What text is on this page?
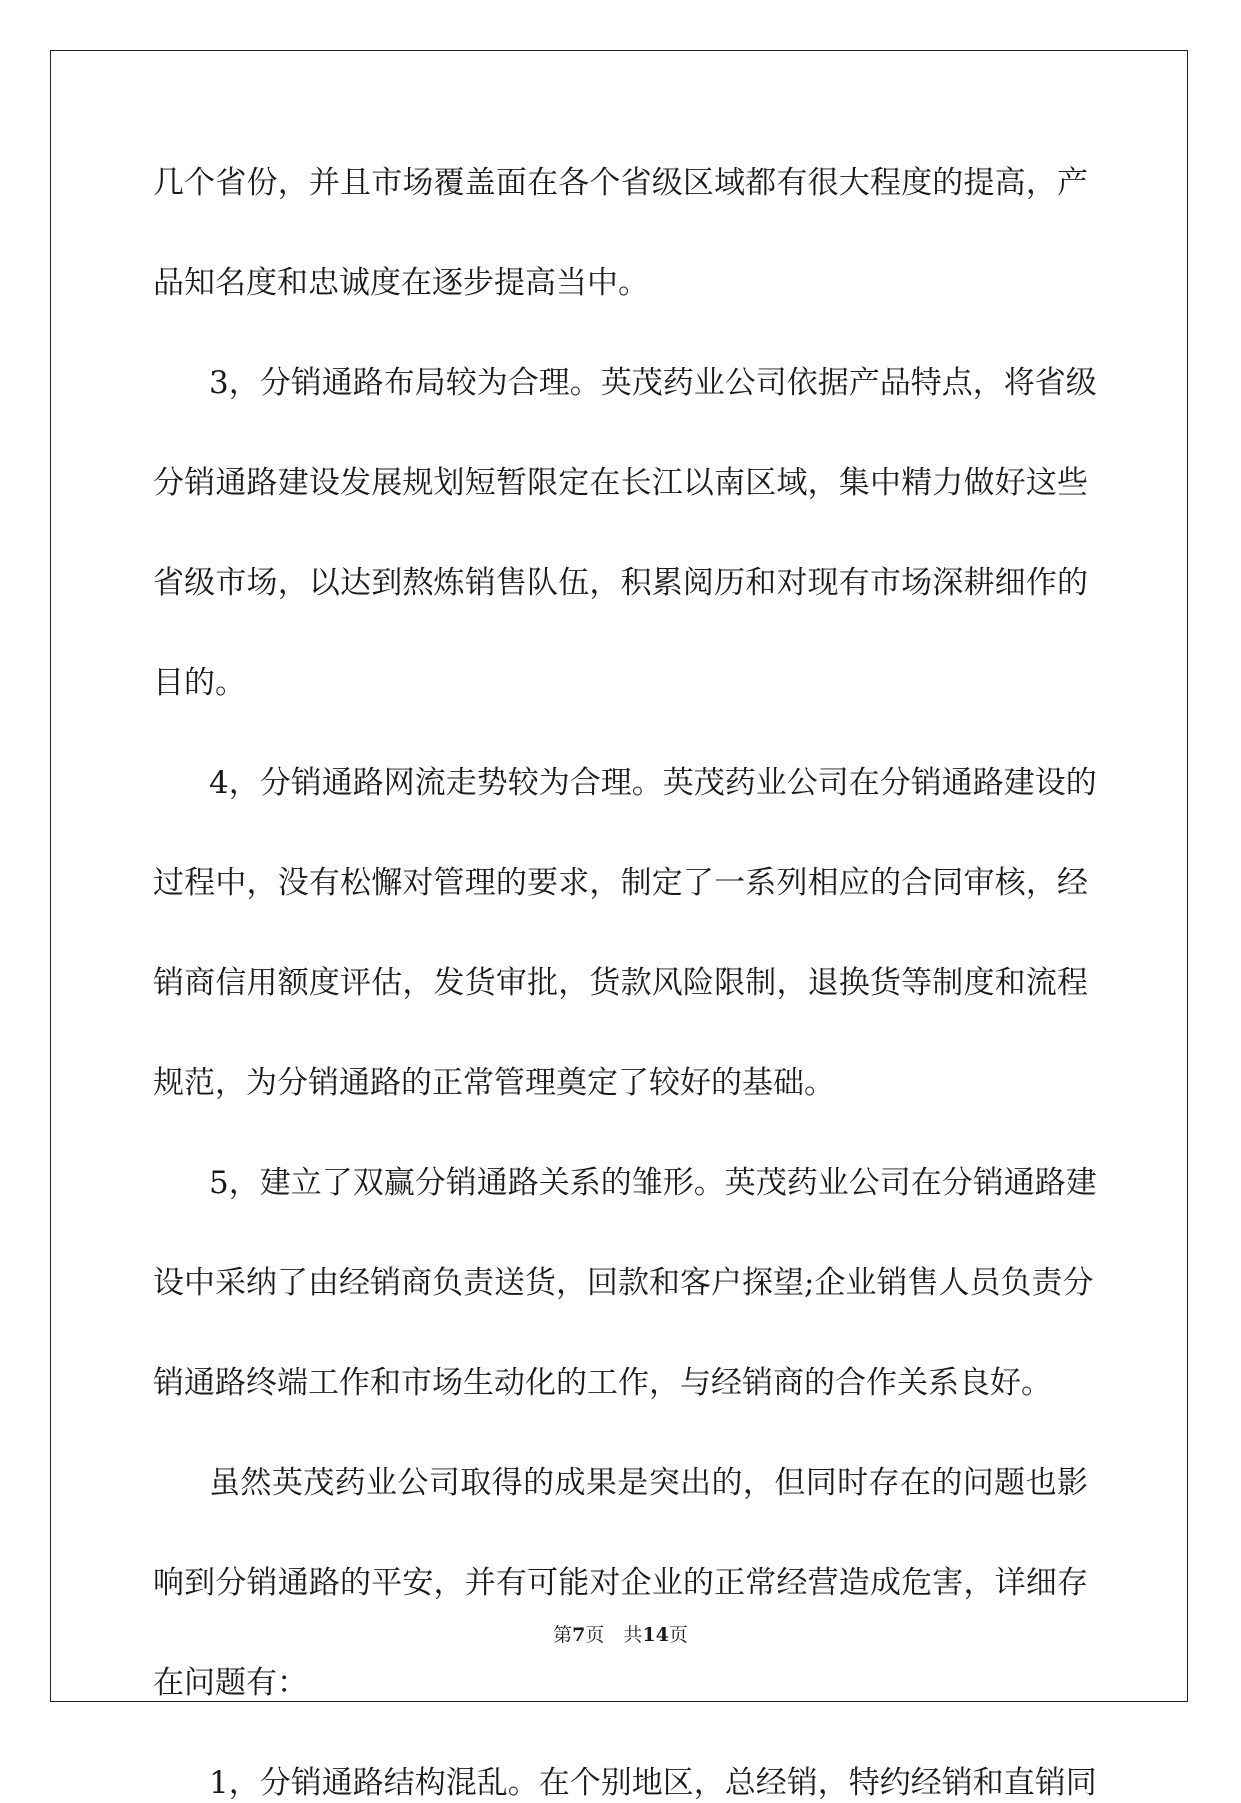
几个省份，并且市场覆盖面在各个省级区域都有很大程度的提高，产

品知名度和忠诚度在逐步提高当中。

3，分销通路布局较为合理。英茂药业公司依据产品特点，将省级

分销通路建设发展规划短暂限定在长江以南区域，集中精力做好这些

省级市场，以达到熬炼销售队伍，积累阅历和对现有市场深耕细作的

目的。

4，分销通路网流走势较为合理。英茂药业公司在分销通路建设的

过程中，没有松懈对管理的要求，制定了一系列相应的合同审核，经

销商信用额度评估，发货审批，货款风险限制，退换货等制度和流程

规范，为分销通路的正常管理奠定了较好的基础。

5，建立了双赢分销通路关系的雏形。英茂药业公司在分销通路建

设中采纳了由经销商负责送货，回款和客户探望;企业销售人员负责分

销通路终端工作和市场生动化的工作，与经销商的合作关系良好。

虽然英茂药业公司取得的成果是突出的，但同时存在的问题也影

响到分销通路的平安，并有可能对企业的正常经营造成危害，详细存

在问题有：

1，分销通路结构混乱。在个别地区，总经销，特约经销和直销同

第7页　共14页
